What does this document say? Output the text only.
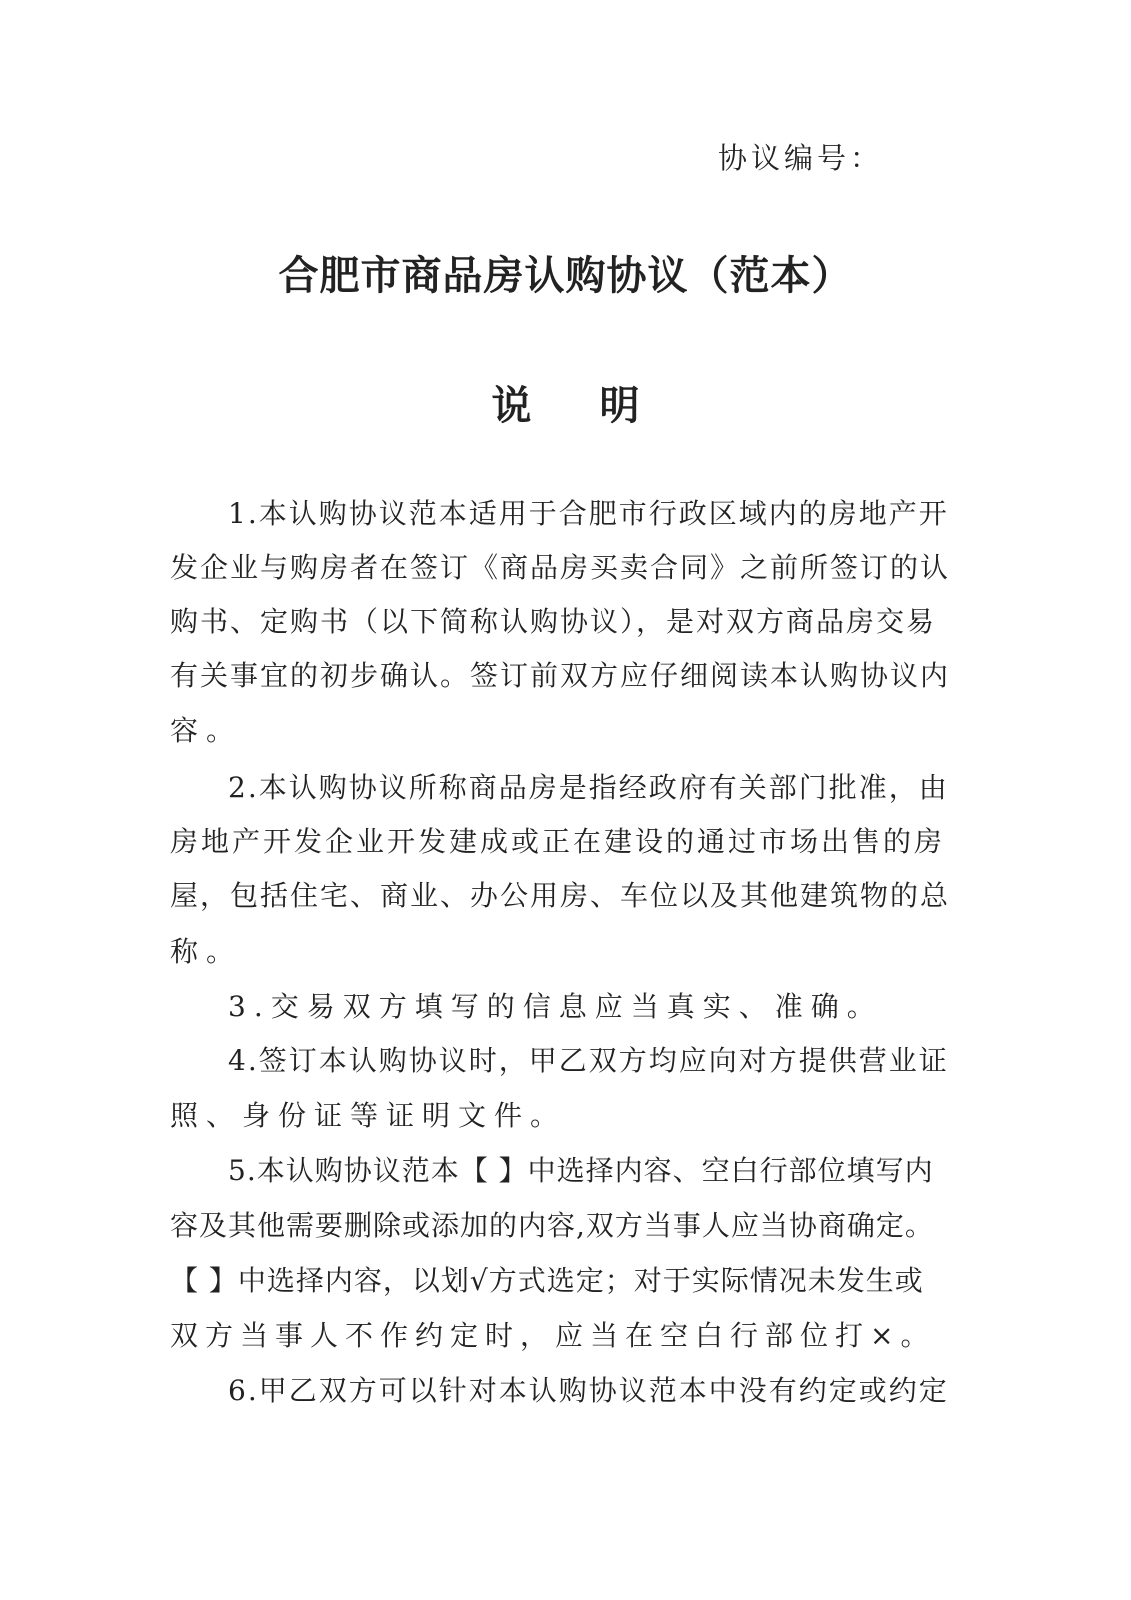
协议编号：
合肥市商品房认购协议（范本）
说明
1.本认购协议范本适用于合肥市行政区域内的房地产开
发企业与购房者在签订《商品房买卖合同》之前所签订的认
购书、定购书（以下简称认购协议），是对双方商品房交易
有关事宜的初步确认。签订前双方应仔细阅读本认购协议内
容。
2.本认购协议所称商品房是指经政府有关部门批准，由
房地产开发企业开发建成或正在建设的通过市场出售的房
屋，包括住宅、商业、办公用房、车位以及其他建筑物的总
称。
3.交易双方填写的信息应当真实、准确。
4.签订本认购协议时，甲乙双方均应向对方提供营业证
照、身份证等证明文件。
5.本认购协议范本【 】中选择内容、空白行部位填写内
容及其他需要删除或添加的内容,双方当事人应当协商确定。
【 】中选择内容，以划√方式选定；对于实际情况未发生或
双方当事人不作约定时，应当在空白行部位打×。
6.甲乙双方可以针对本认购协议范本中没有约定或约定
